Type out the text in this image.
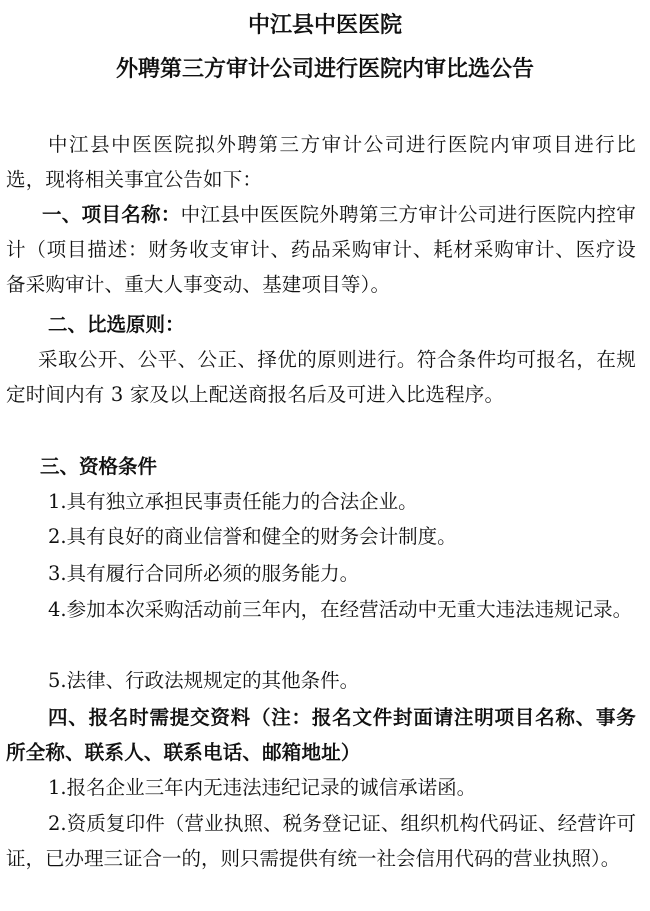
中江县中医医院
外聘第三方审计公司进行医院内审比选公告
中江县中医医院拟外聘第三方审计公司进行医院内审项目进行比选，现将相关事宜公告如下：
一、项目名称：中江县中医医院外聘第三方审计公司进行医院内控审计（项目描述：财务收支审计、药品采购审计、耗材采购审计、医疗设备采购审计、重大人事变动、基建项目等）。
二、比选原则：
采取公开、公平、公正、择优的原则进行。符合条件均可报名，在规定时间内有 3 家及以上配送商报名后及可进入比选程序。
三、资格条件
1.具有独立承担民事责任能力的合法企业。
2.具有良好的商业信誉和健全的财务会计制度。
3.具有履行合同所必须的服务能力。
4.参加本次采购活动前三年内，在经营活动中无重大违法违规记录。
5.法律、行政法规规定的其他条件。
四、报名时需提交资料（注：报名文件封面请注明项目名称、事务所全称、联系人、联系电话、邮箱地址）
1.报名企业三年内无违法违纪记录的诚信承诺函。
2.资质复印件（营业执照、税务登记证、组织机构代码证、经营许可证，已办理三证合一的，则只需提供有统一社会信用代码的营业执照）。
